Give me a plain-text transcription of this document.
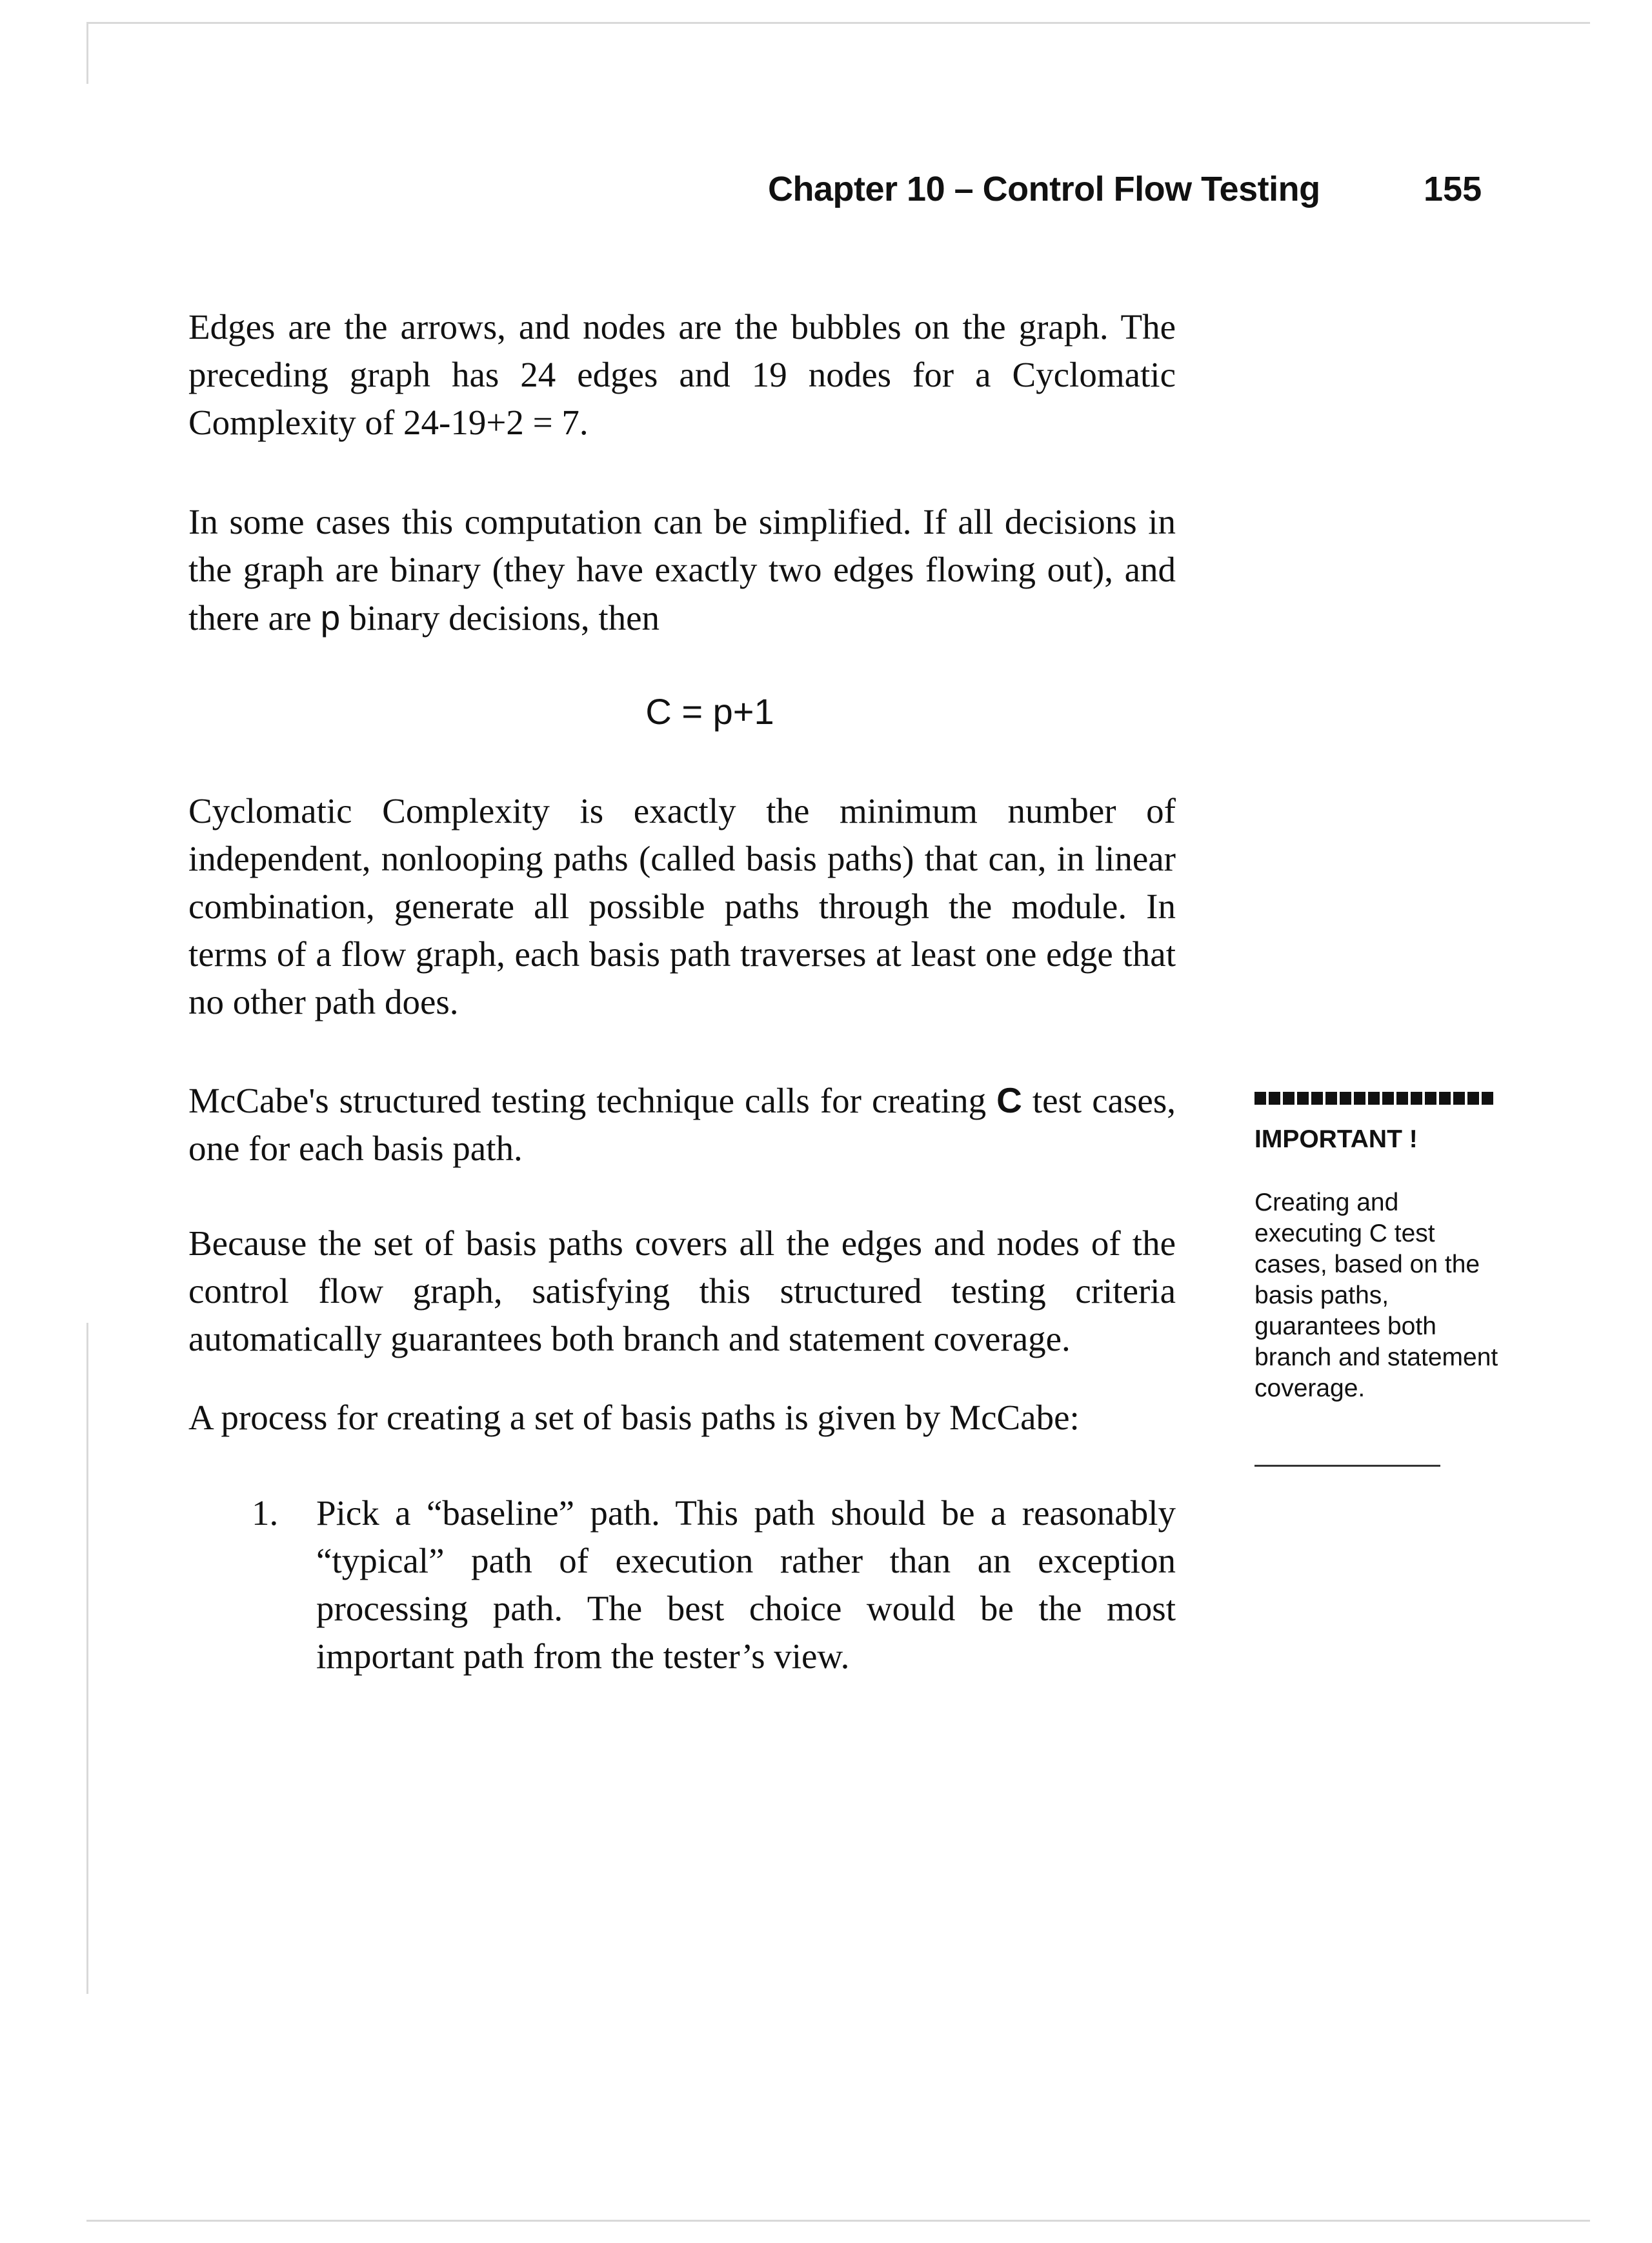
Chapter 10 – Control Flow Testing	155

Edges are the arrows, and nodes are the bubbles on the graph. The preceding graph has 24 edges and 19 nodes for a Cyclomatic Complexity of 24-19+2 = 7.

In some cases this computation can be simplified. If all decisions in the graph are binary (they have exactly two edges flowing out), and there are p binary decisions, then

C = p+1

Cyclomatic Complexity is exactly the minimum number of independent, nonlooping paths (called basis paths) that can, in linear combination, generate all possible paths through the module. In terms of a flow graph, each basis path traverses at least one edge that no other path does.

McCabe's structured testing technique calls for creating C test cases, one for each basis path.

Because the set of basis paths covers all the edges and nodes of the control flow graph, satisfying this structured testing criteria automatically guarantees both branch and statement coverage.

A process for creating a set of basis paths is given by McCabe:

1. Pick a “baseline” path. This path should be a reasonably “typical” path of execution rather than an exception processing path. The best choice would be the most important path from the tester’s view.

IMPORTANT !

Creating and executing C test cases, based on the basis paths, guarantees both branch and statement coverage.
